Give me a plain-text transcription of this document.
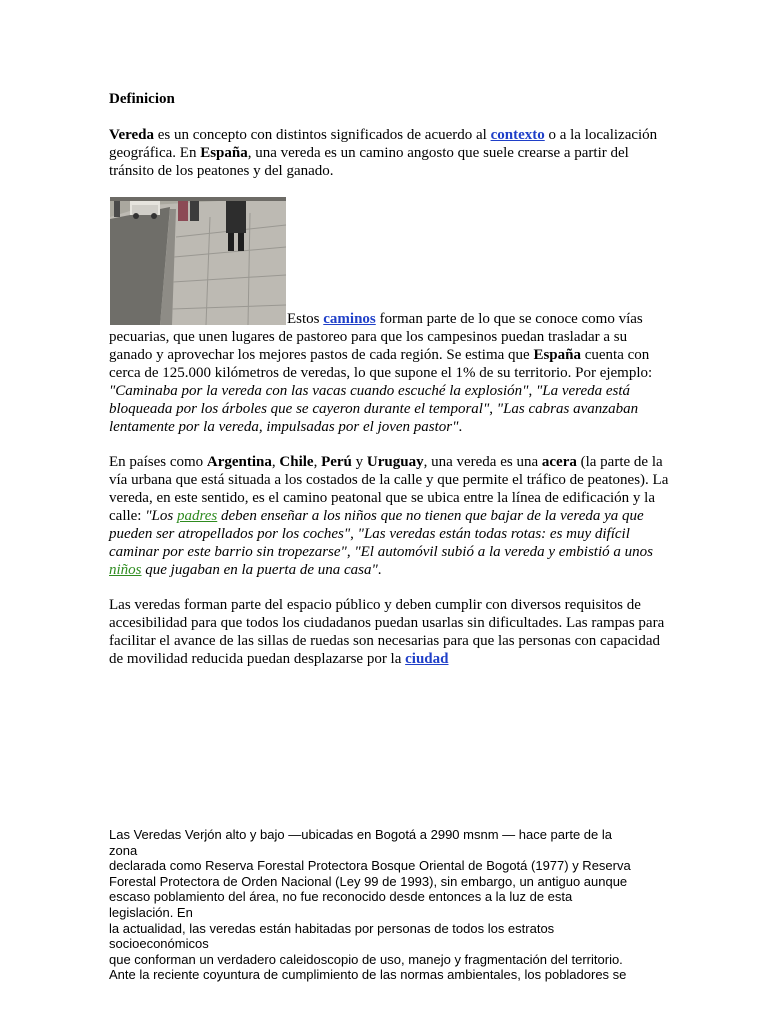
Definicion
Vereda es un concepto con distintos significados de acuerdo al contexto o a la localización geográfica. En España, una vereda es un camino angosto que suele crearse a partir del tránsito de los peatones y del ganado.
Estos caminos forman parte de lo que se conoce como vías
pecuarias, que unen lugares de pastoreo para que los campesinos puedan trasladar a su ganado y aprovechar los mejores pastos de cada región. Se estima que España cuenta con cerca de 125.000 kilómetros de veredas, lo que supone el 1% de su territorio. Por ejemplo: "Caminaba por la vereda con las vacas cuando escuché la explosión", "La vereda está bloqueada por los árboles que se cayeron durante el temporal", "Las cabras avanzaban lentamente por la vereda, impulsadas por el joven pastor".
En países como Argentina, Chile, Perú y Uruguay, una vereda es una acera (la parte de la vía urbana que está situada a los costados de la calle y que permite el tráfico de peatones). La vereda, en este sentido, es el camino peatonal que se ubica entre la línea de edificación y la calle: "Los padres deben enseñar a los niños que no tienen que bajar de la vereda ya que pueden ser atropellados por los coches", "Las veredas están todas rotas: es muy difícil caminar por este barrio sin tropezarse", "El automóvil subió a la vereda y embistió a unos niños que jugaban en la puerta de una casa".
Las veredas forman parte del espacio público y deben cumplir con diversos requisitos de accesibilidad para que todos los ciudadanos puedan usarlas sin dificultades. Las rampas para facilitar el avance de las sillas de ruedas son necesarias para que las personas con capacidad de movilidad reducida puedan desplazarse por la ciudad
Las Veredas Verjón alto y bajo —ubicadas en Bogotá a 2990 msnm — hace parte de la
zona
declarada como Reserva Forestal Protectora Bosque Oriental de Bogotá (1977) y Reserva
Forestal Protectora de Orden Nacional (Ley 99 de 1993), sin embargo, un antiguo aunque
escaso poblamiento del área, no fue reconocido desde entonces a la luz de esta
legislación. En
la actualidad, las veredas están habitadas por personas de todos los estratos
socioeconómicos
que conforman un verdadero caleidoscopio de uso, manejo y fragmentación del territorio.
Ante la reciente coyuntura de cumplimiento de las normas ambientales, los pobladores se
